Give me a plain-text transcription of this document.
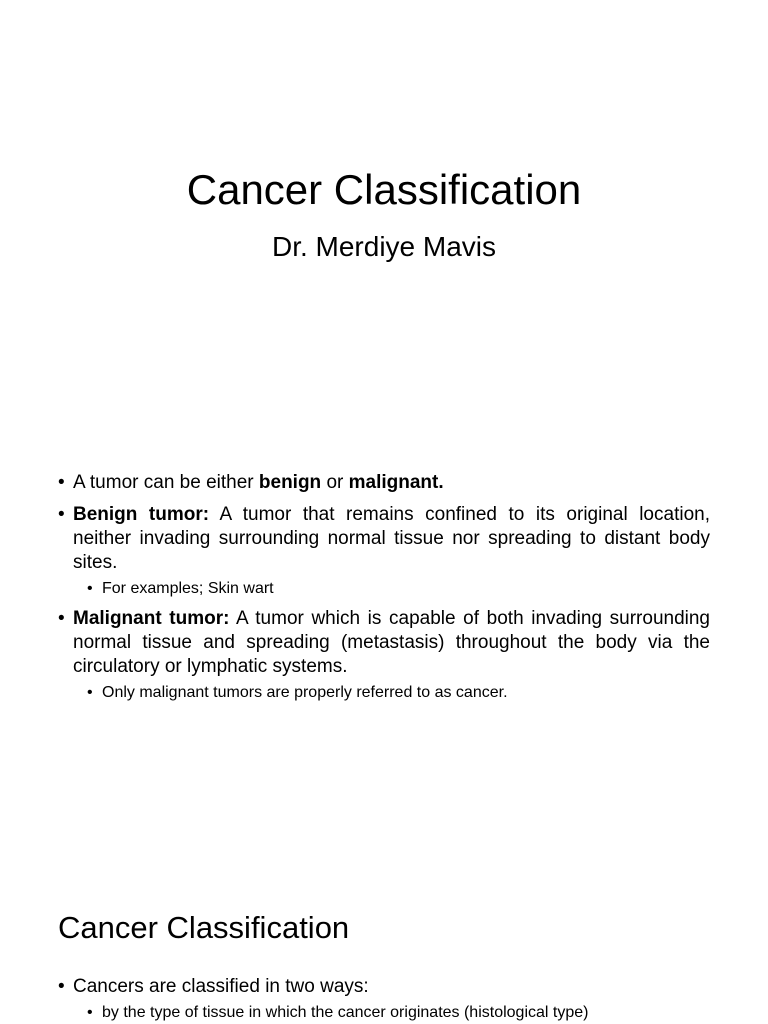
Cancer Classification

Dr. Merdiye Mavis

• A tumor can be either benign or malignant.
• Benign tumor: A tumor that remains confined to its original location, neither invading surrounding normal tissue nor spreading to distant body sites.
• For examples; Skin wart
• Malignant tumor: A tumor which is capable of both invading surrounding normal tissue and spreading (metastasis) throughout the body via the circulatory or lymphatic systems.
• Only malignant tumors are properly referred to as cancer.
Cancer Classification
• Cancers are classified in two ways:
• by the type of tissue in which the cancer originates (histological type)
